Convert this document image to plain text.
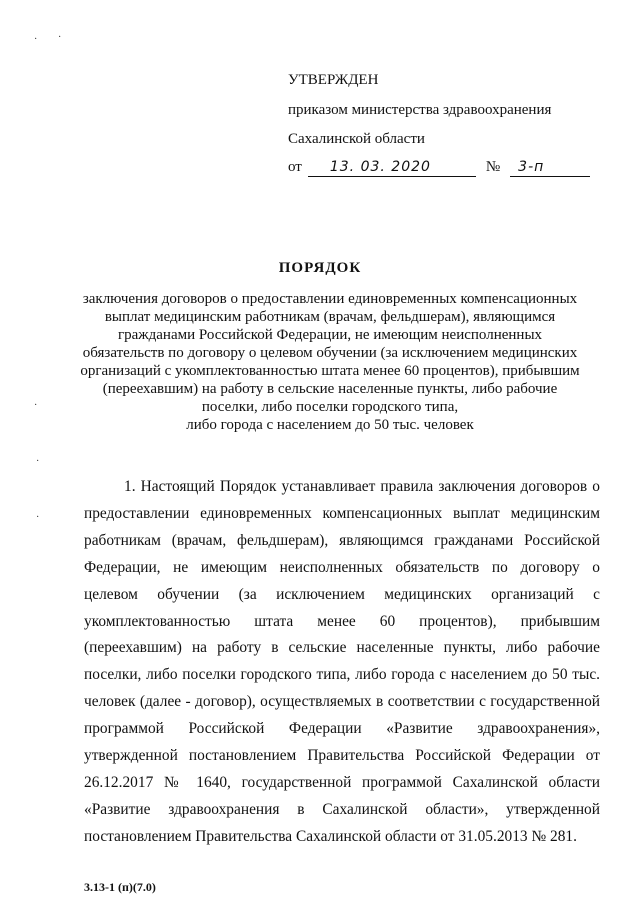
· ·
·
·
·
УТВЕРЖДЕН
приказом министерства здравоохранения
Сахалинской области
от	13. 03. 2020	№	3-п
ПОРЯДОК
заключения договоров о предоставлении единовременных компенсационных
выплат медицинским работникам (врачам, фельдшерам), являющимся
гражданами Российской Федерации, не имеющим неисполненных
обязательств по договору о целевом обучении (за исключением медицинских
организаций с укомплектованностью штата менее 60 процентов), прибывшим
(переехавшим) на работу в сельские населенные пункты, либо рабочие
поселки, либо поселки городского типа,
либо города с населением до 50 тыс. человек
1. Настоящий Порядок устанавливает правила заключения договоров о
предоставлении единовременных компенсационных выплат медицинским
работникам (врачам, фельдшерам), являющимся гражданами Российской
Федерации, не имеющим неисполненных обязательств по договору о
целевом обучении (за исключением медицинских организаций с
укомплектованностью штата менее 60 процентов), прибывшим
(переехавшим) на работу в сельские населенные пункты, либо рабочие
поселки, либо поселки городского типа, либо города с населением до 50 тыс.
человек (далее - договор), осуществляемых в соответствии с государственной
программой Российской Федерации «Развитие здравоохранения»,
утвержденной постановлением Правительства Российской Федерации от
26.12.2017 № 1640, государственной программой Сахалинской области
«Развитие здравоохранения в Сахалинской области», утвержденной
постановлением Правительства Сахалинской области от 31.05.2013 № 281.
3.13-1 (п)(7.0)
